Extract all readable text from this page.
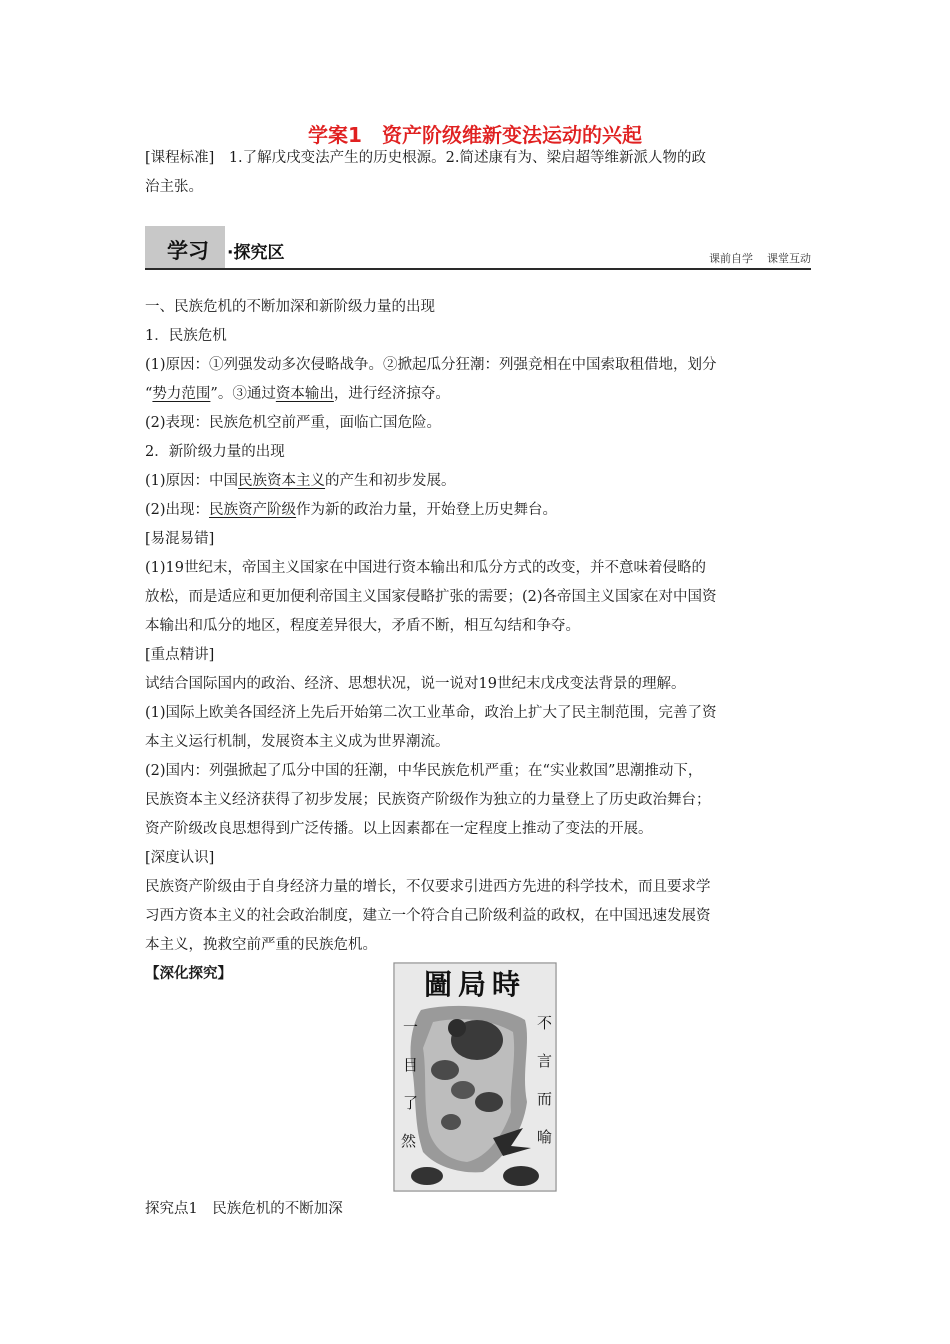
学案1　资产阶级维新变法运动的兴起
[课程标准]　1.了解戊戌变法产生的历史根源。2.简述康有为、梁启超等维新派人物的政
治主张。
学习 ·探究区	课前自学 课堂互动
一、民族危机的不断加深和新阶级力量的出现
1．民族危机
(1)原因：①列强发动多次侵略战争。②掀起瓜分狂潮：列强竞相在中国索取租借地，划分
“势力范围”。③通过资本输出，进行经济掠夺。
(2)表现：民族危机空前严重，面临亡国危险。
2．新阶级力量的出现
(1)原因：中国民族资本主义的产生和初步发展。
(2)出现：民族资产阶级作为新的政治力量，开始登上历史舞台。
[易混易错]
(1)19世纪末，帝国主义国家在中国进行资本输出和瓜分方式的改变，并不意味着侵略的
放松，而是适应和更加便利帝国主义国家侵略扩张的需要；(2)各帝国主义国家在对中国资
本输出和瓜分的地区，程度差异很大，矛盾不断，相互勾结和争夺。
[重点精讲]
试结合国际国内的政治、经济、思想状况，说一说对19世纪末戊戌变法背景的理解。
(1)国际上欧美各国经济上先后开始第二次工业革命，政治上扩大了民主制范围，完善了资
本主义运行机制，发展资本主义成为世界潮流。
(2)国内：列强掀起了瓜分中国的狂潮，中华民族危机严重；在“实业救国”思潮推动下，
民族资本主义经济获得了初步发展；民族资产阶级作为独立的力量登上了历史政治舞台；
资产阶级改良思想得到广泛传播。以上因素都在一定程度上推动了变法的开展。
[深度认识]
民族资产阶级由于自身经济力量的增长，不仅要求引进西方先进的科学技术，而且要求学
习西方资本主义的社会政治制度，建立一个符合自己阶级利益的政权，在中国迅速发展资
本主义，挽救空前严重的民族危机。
【深化探究】	圖局時
一
目
了
然
不
言
而
喻
探究点1　民族危机的不断加深
